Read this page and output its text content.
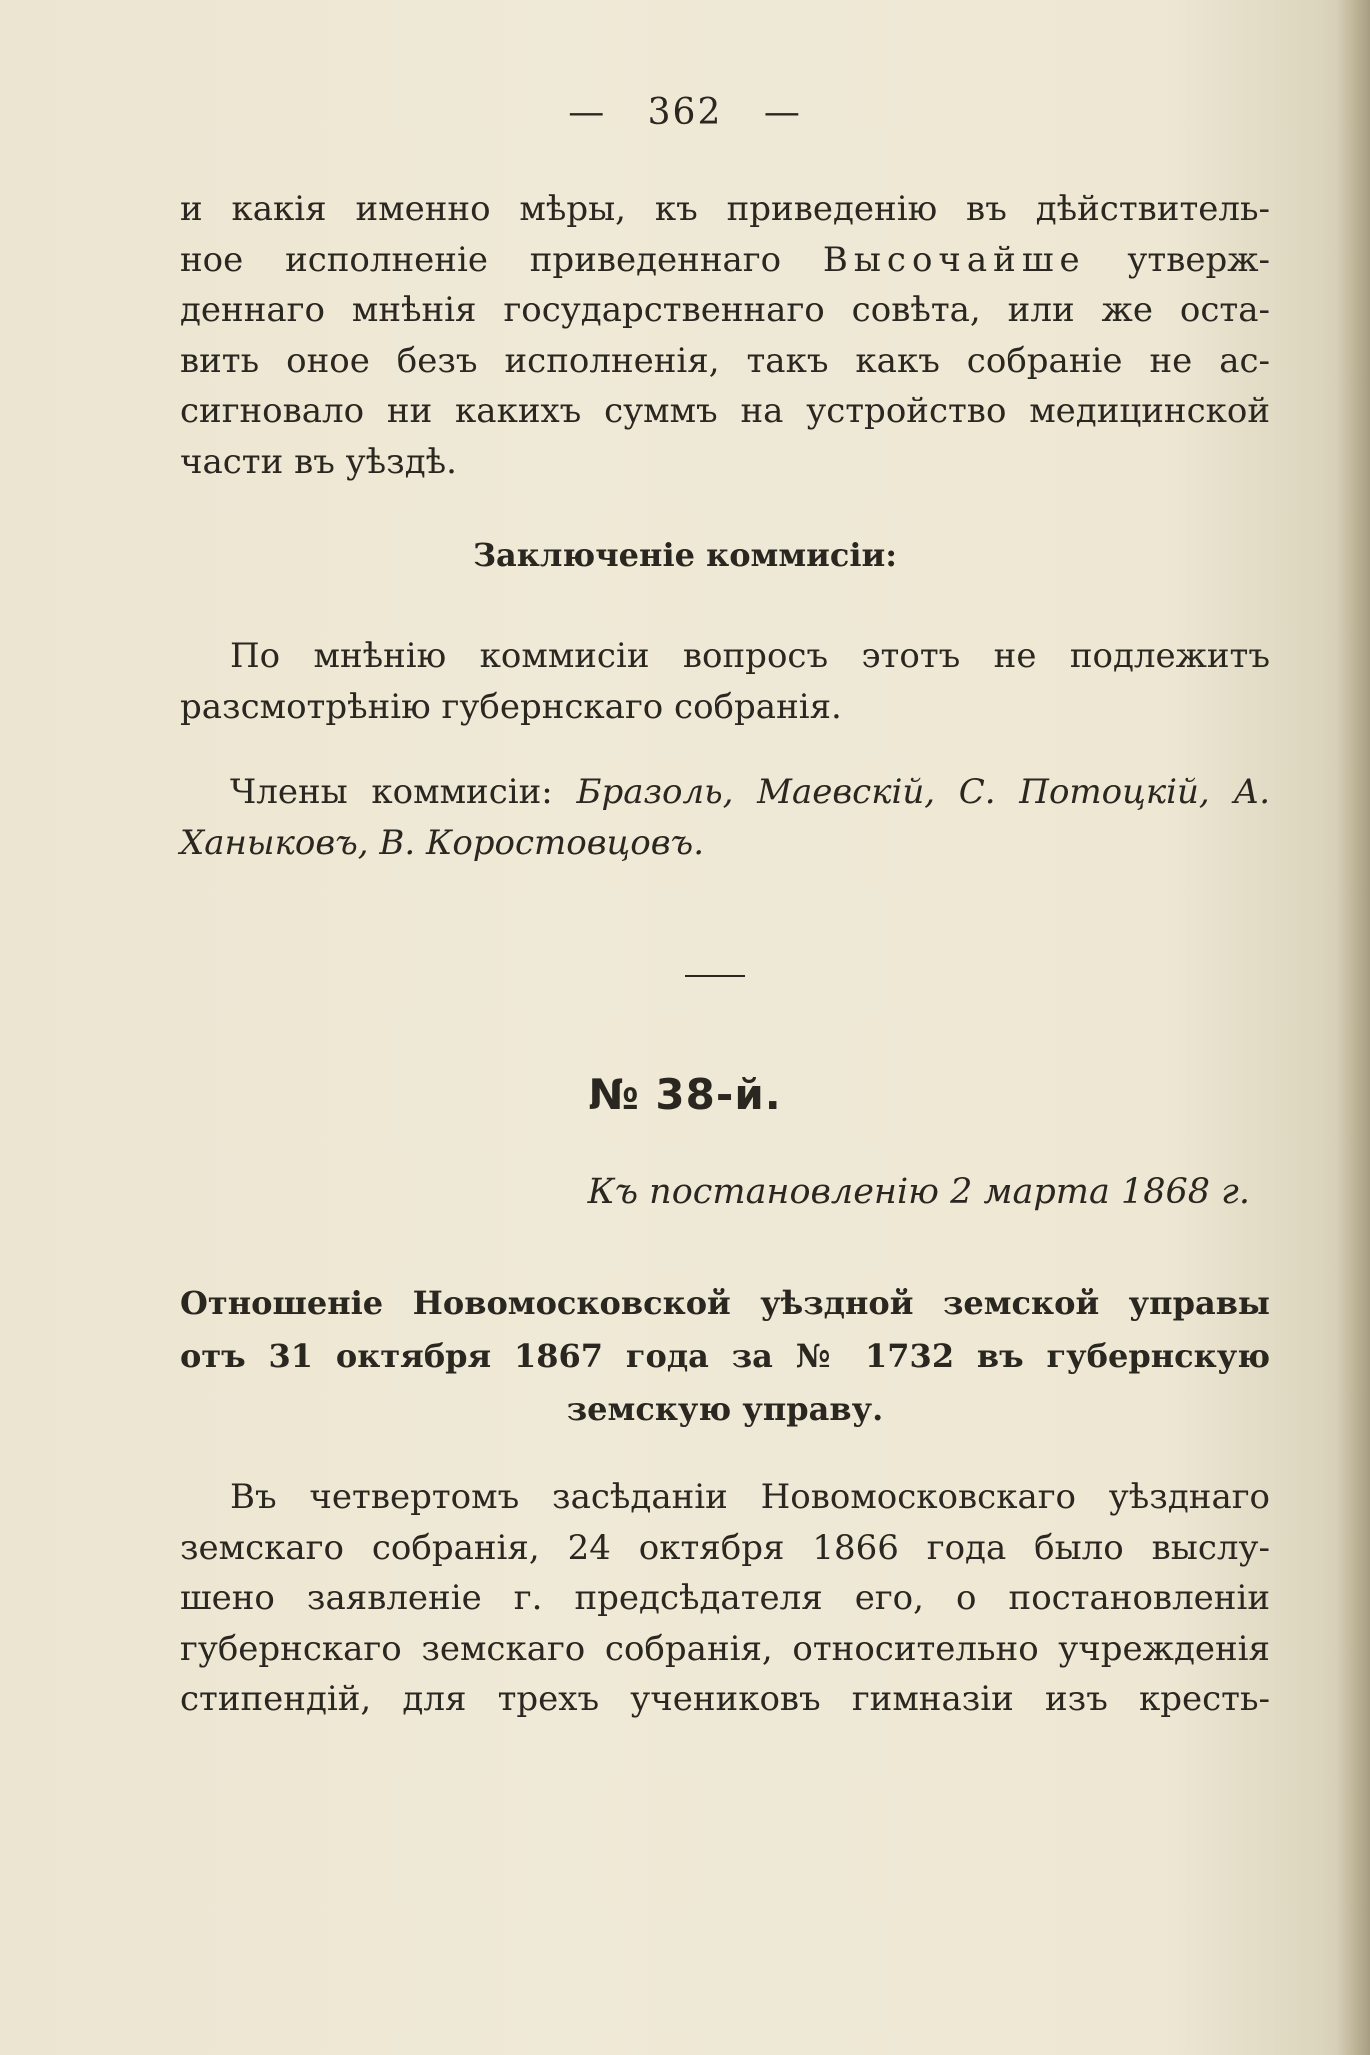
— 362 —

и какія именно мѣры, къ приведенію въ дѣйствитель-

ное исполненіе приведеннаго Высочайше утверж-

деннаго мнѣнія государственнаго совѣта, или же оста-

вить оное безъ исполненія, такъ какъ собраніе не ас-

сигновало ни какихъ суммъ на устройство медицинской

части въ уѣздѣ.

Заключеніе коммисіи:

По мнѣнію коммисіи вопросъ этотъ не подлежитъ

разсмотрѣнію губернскаго собранія.

Члены коммисіи: Бразоль, Маевскій, С. Потоцкій, А.

Ханыковъ, В. Коростовцовъ.

№ 38-й.
Къ постановленію 2 марта 1868 г.
Отношеніе Новомосковской уѣздной земской управы отъ 31 октября 1867 года за № 1732 въ губернскую земскую управу.

Въ четвертомъ засѣданіи Новомосковскаго уѣзднаго

земскаго собранія, 24 октября 1866 года было выслу-

шено заявленіе г. предсѣдателя его, о постановленіи

губернскаго земскаго собранія, относительно учрежденія

стипендій, для трехъ учениковъ гимназіи изъ кресть-
